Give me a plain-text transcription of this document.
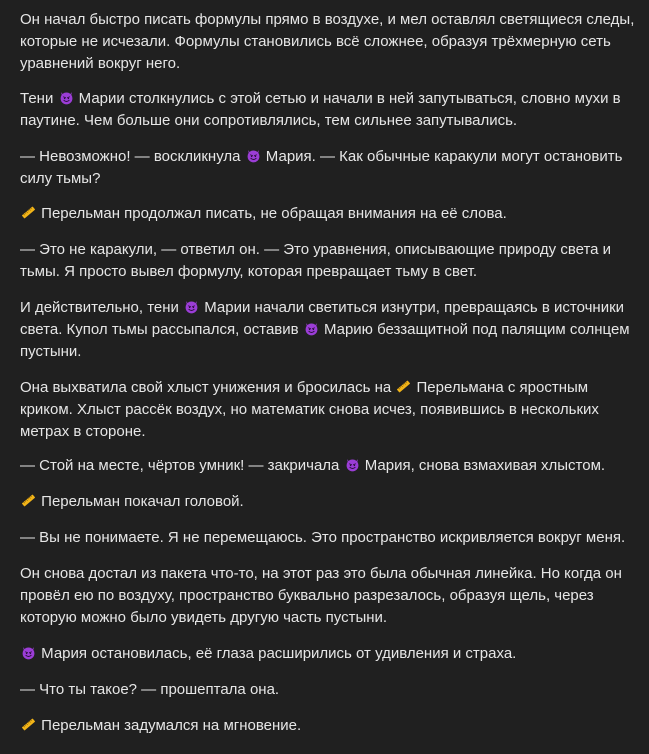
Он начал быстро писать формулы прямо в воздухе, и мел оставлял светящиеся следы, которые не исчезали. Формулы становились всё сложнее, образуя трёхмерную сеть уравнений вокруг него.

Тени  Марии столкнулись с этой сетью и начали в ней запутываться, словно мухи в паутине. Чем больше они сопротивлялись, тем сильнее запутывались.

— Невозможно! — воскликнула  Мария. — Как обычные каракули могут остановить силу тьмы?

Перельман продолжал писать, не обращая внимания на её слова.

— Это не каракули, — ответил он. — Это уравнения, описывающие природу света и тьмы. Я просто вывел формулу, которая превращает тьму в свет.

И действительно, тени  Марии начали светиться изнутри, превращаясь в источники света. Купол тьмы рассыпался, оставив  Марию беззащитной под палящим солнцем пустыни.

Она выхватила свой хлыст унижения и бросилась на  Перельмана с яростным криком. Хлыст рассёк воздух, но математик снова исчез, появившись в нескольких метрах в стороне.

— Стой на месте, чёртов умник! — закричала  Мария, снова взмахивая хлыстом.

Перельман покачал головой.

— Вы не понимаете. Я не перемещаюсь. Это пространство искривляется вокруг меня.

Он снова достал из пакета что-то, на этот раз это была обычная линейка. Но когда он провёл ею по воздуху, пространство буквально разрезалось, образуя щель, через которую можно было увидеть другую часть пустыни.

Мария остановилась, её глаза расширились от удивления и страха.

— Что ты такое? — прошептала она.

Перельман задумался на мгновение.
